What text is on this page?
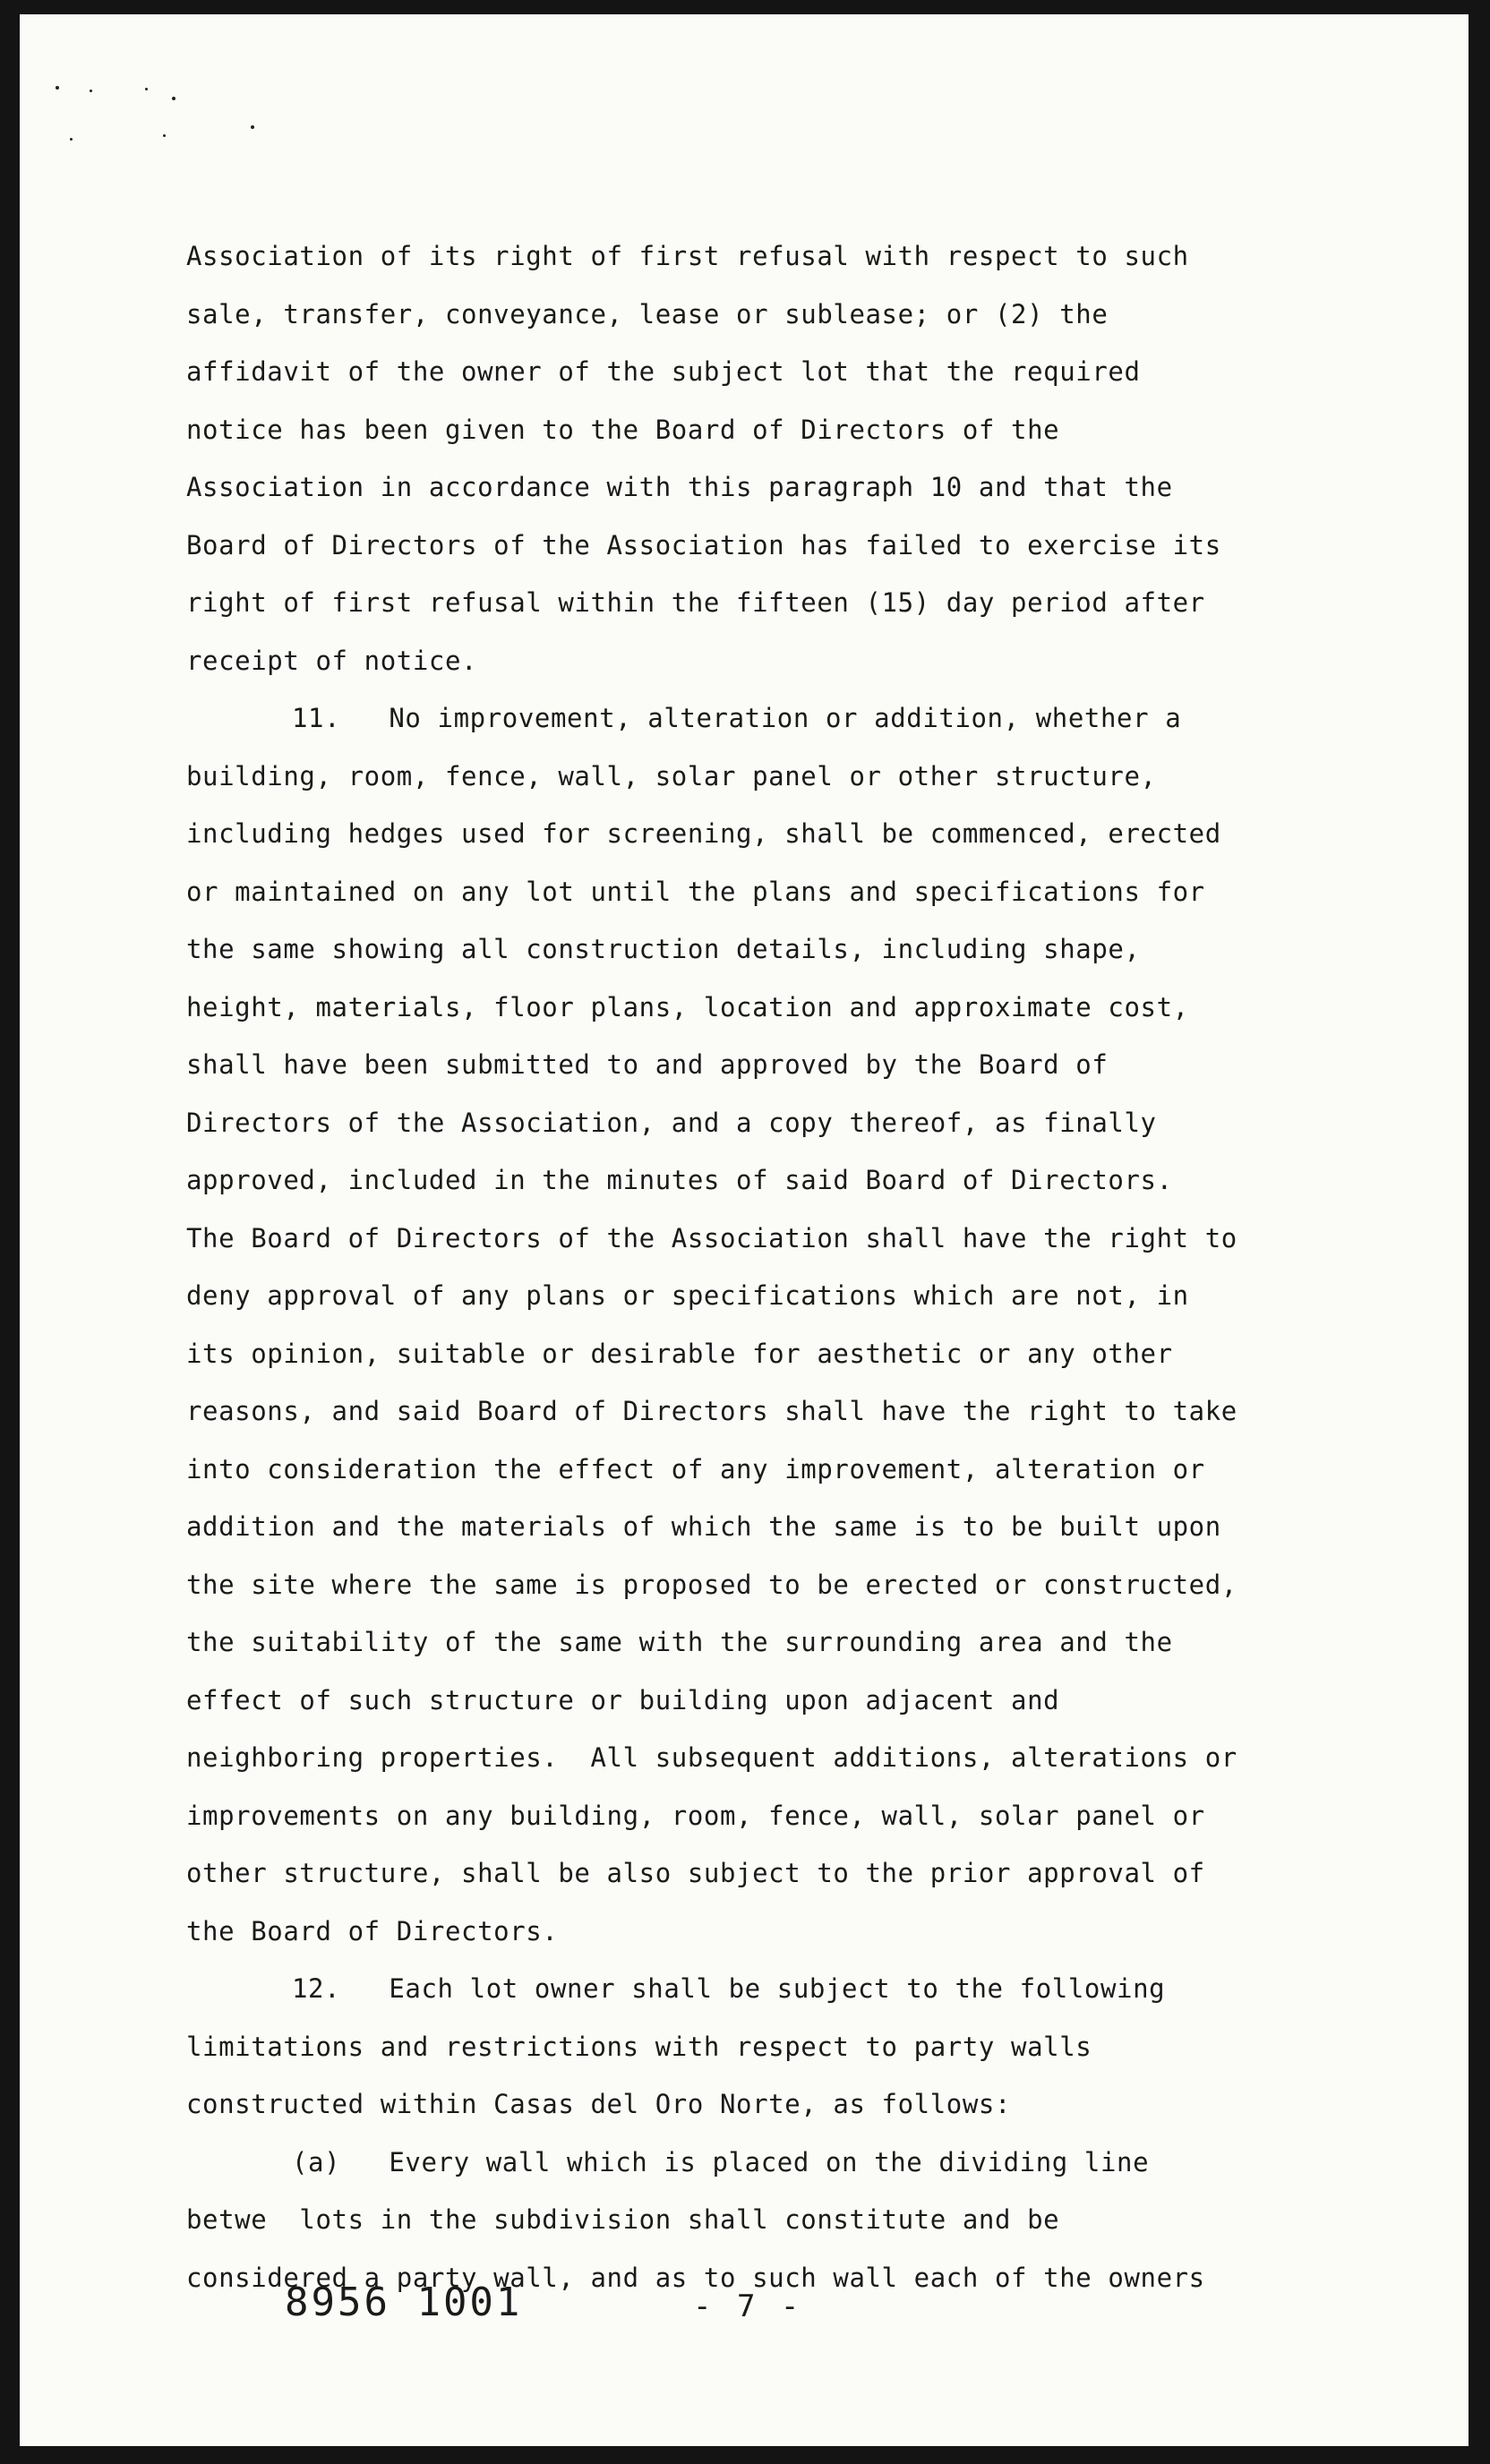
Association of its right of first refusal with respect to such
sale, transfer, conveyance, lease or sublease; or (2) the
affidavit of the owner of the subject lot that the required
notice has been given to the Board of Directors of the
Association in accordance with this paragraph 10 and that the
Board of Directors of the Association has failed to exercise its
right of first refusal within the fifteen (15) day period after
receipt of notice.
11.   No improvement, alteration or addition, whether a
building, room, fence, wall, solar panel or other structure,
including hedges used for screening, shall be commenced, erected
or maintained on any lot until the plans and specifications for
the same showing all construction details, including shape,
height, materials, floor plans, location and approximate cost,
shall have been submitted to and approved by the Board of
Directors of the Association, and a copy thereof, as finally
approved, included in the minutes of said Board of Directors.
The Board of Directors of the Association shall have the right to
deny approval of any plans or specifications which are not, in
its opinion, suitable or desirable for aesthetic or any other
reasons, and said Board of Directors shall have the right to take
into consideration the effect of any improvement, alteration or
addition and the materials of which the same is to be built upon
the site where the same is proposed to be erected or constructed,
the suitability of the same with the surrounding area and the
effect of such structure or building upon adjacent and
neighboring properties.  All subsequent additions, alterations or
improvements on any building, room, fence, wall, solar panel or
other structure, shall be also subject to the prior approval of
the Board of Directors.
12.   Each lot owner shall be subject to the following
limitations and restrictions with respect to party walls
constructed within Casas del Oro Norte, as follows:
(a)   Every wall which is placed on the dividing line
betwe  lots in the subdivision shall constitute and be
considered a party wall, and as to such wall each of the owners
8956 1001	- 7 -
